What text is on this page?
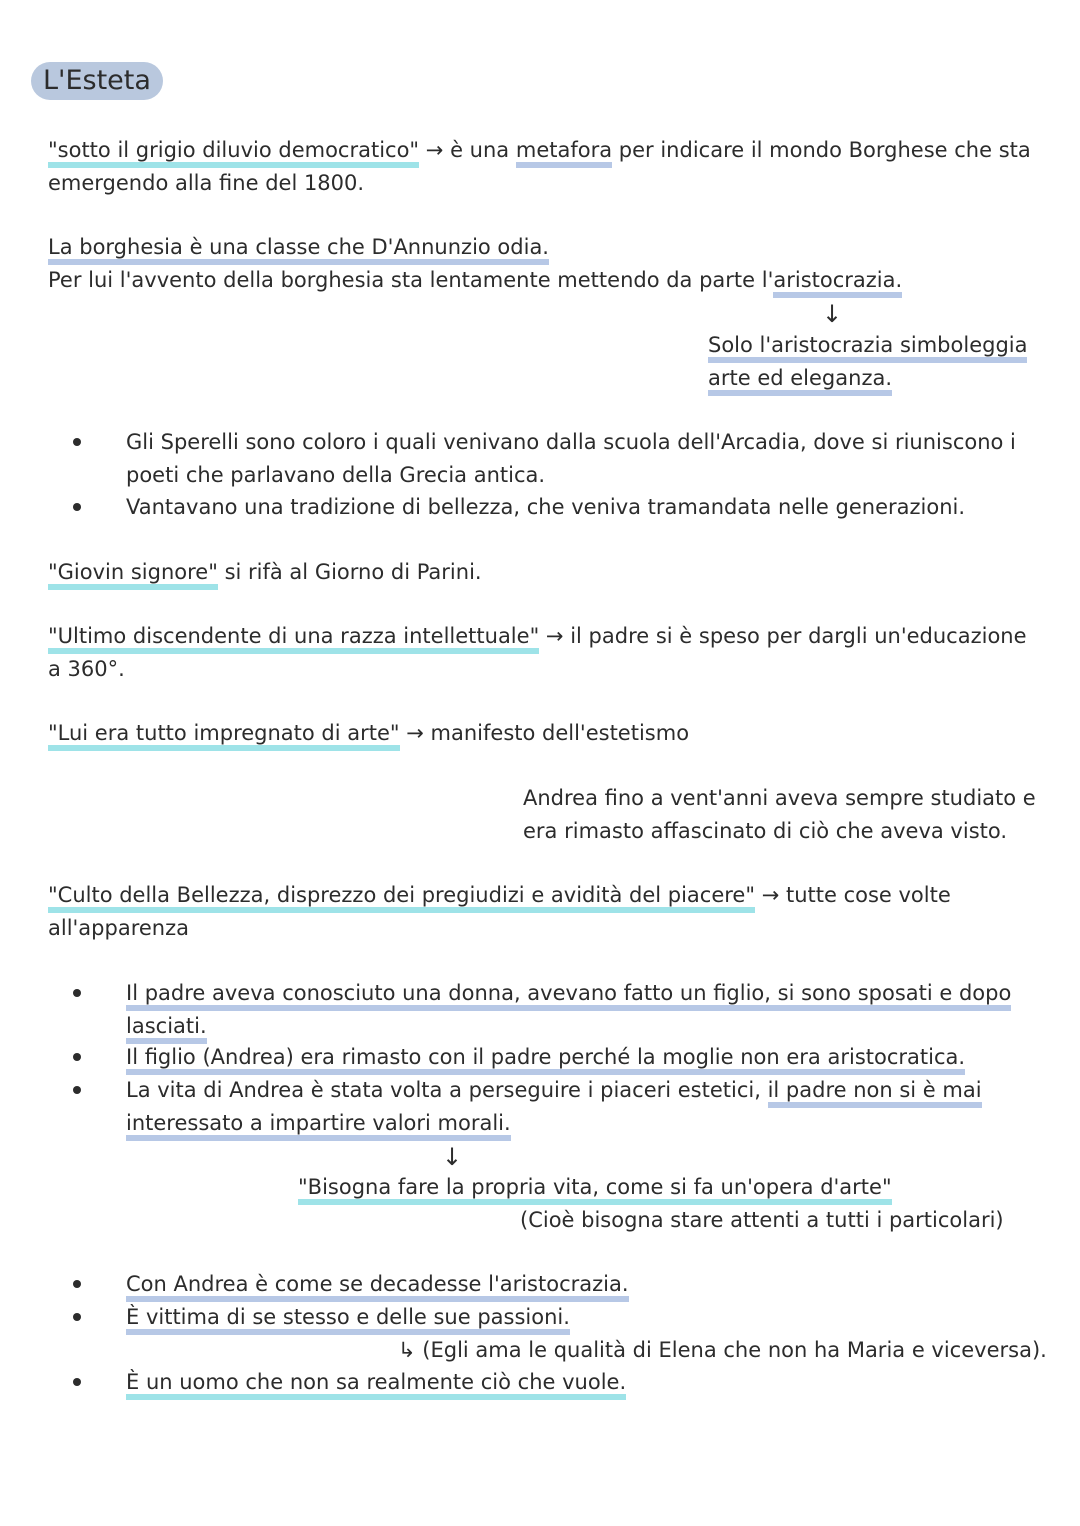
L'Esteta
"sotto il grigio diluvio democratico" → è una metafora per indicare il mondo Borghese che sta
emergendo alla fine del 1800.
La borghesia è una classe che D'Annunzio odia.
Per lui l'avvento della borghesia sta lentamente mettendo da parte l'aristocrazia.
↓
Solo l'aristocrazia simboleggia
arte ed eleganza.
Gli Sperelli sono coloro i quali venivano dalla scuola dell'Arcadia, dove si riuniscono i
poeti che parlavano della Grecia antica.
Vantavano una tradizione di bellezza, che veniva tramandata nelle generazioni.
"Giovin signore" si rifà al Giorno di Parini.
"Ultimo discendente di una razza intellettuale" → il padre si è speso per dargli un'educazione
a 360°.
"Lui era tutto impregnato di arte" → manifesto dell'estetismo
Andrea fino a vent'anni aveva sempre studiato e
era rimasto affascinato di ciò che aveva visto.
"Culto della Bellezza, disprezzo dei pregiudizi e avidità del piacere" → tutte cose volte
all'apparenza
Il padre aveva conosciuto una donna, avevano fatto un figlio, si sono sposati e dopo
lasciati.
Il figlio (Andrea) era rimasto con il padre perché la moglie non era aristocratica.
La vita di Andrea è stata volta a perseguire i piaceri estetici, il padre non si è mai
interessato a impartire valori morali.
↓
"Bisogna fare la propria vita, come si fa un'opera d'arte"
(Cioè bisogna stare attenti a tutti i particolari)
Con Andrea è come se decadesse l'aristocrazia.
È vittima di se stesso e delle sue passioni.
↳ (Egli ama le qualità di Elena che non ha Maria e viceversa).
È un uomo che non sa realmente ciò che vuole.
